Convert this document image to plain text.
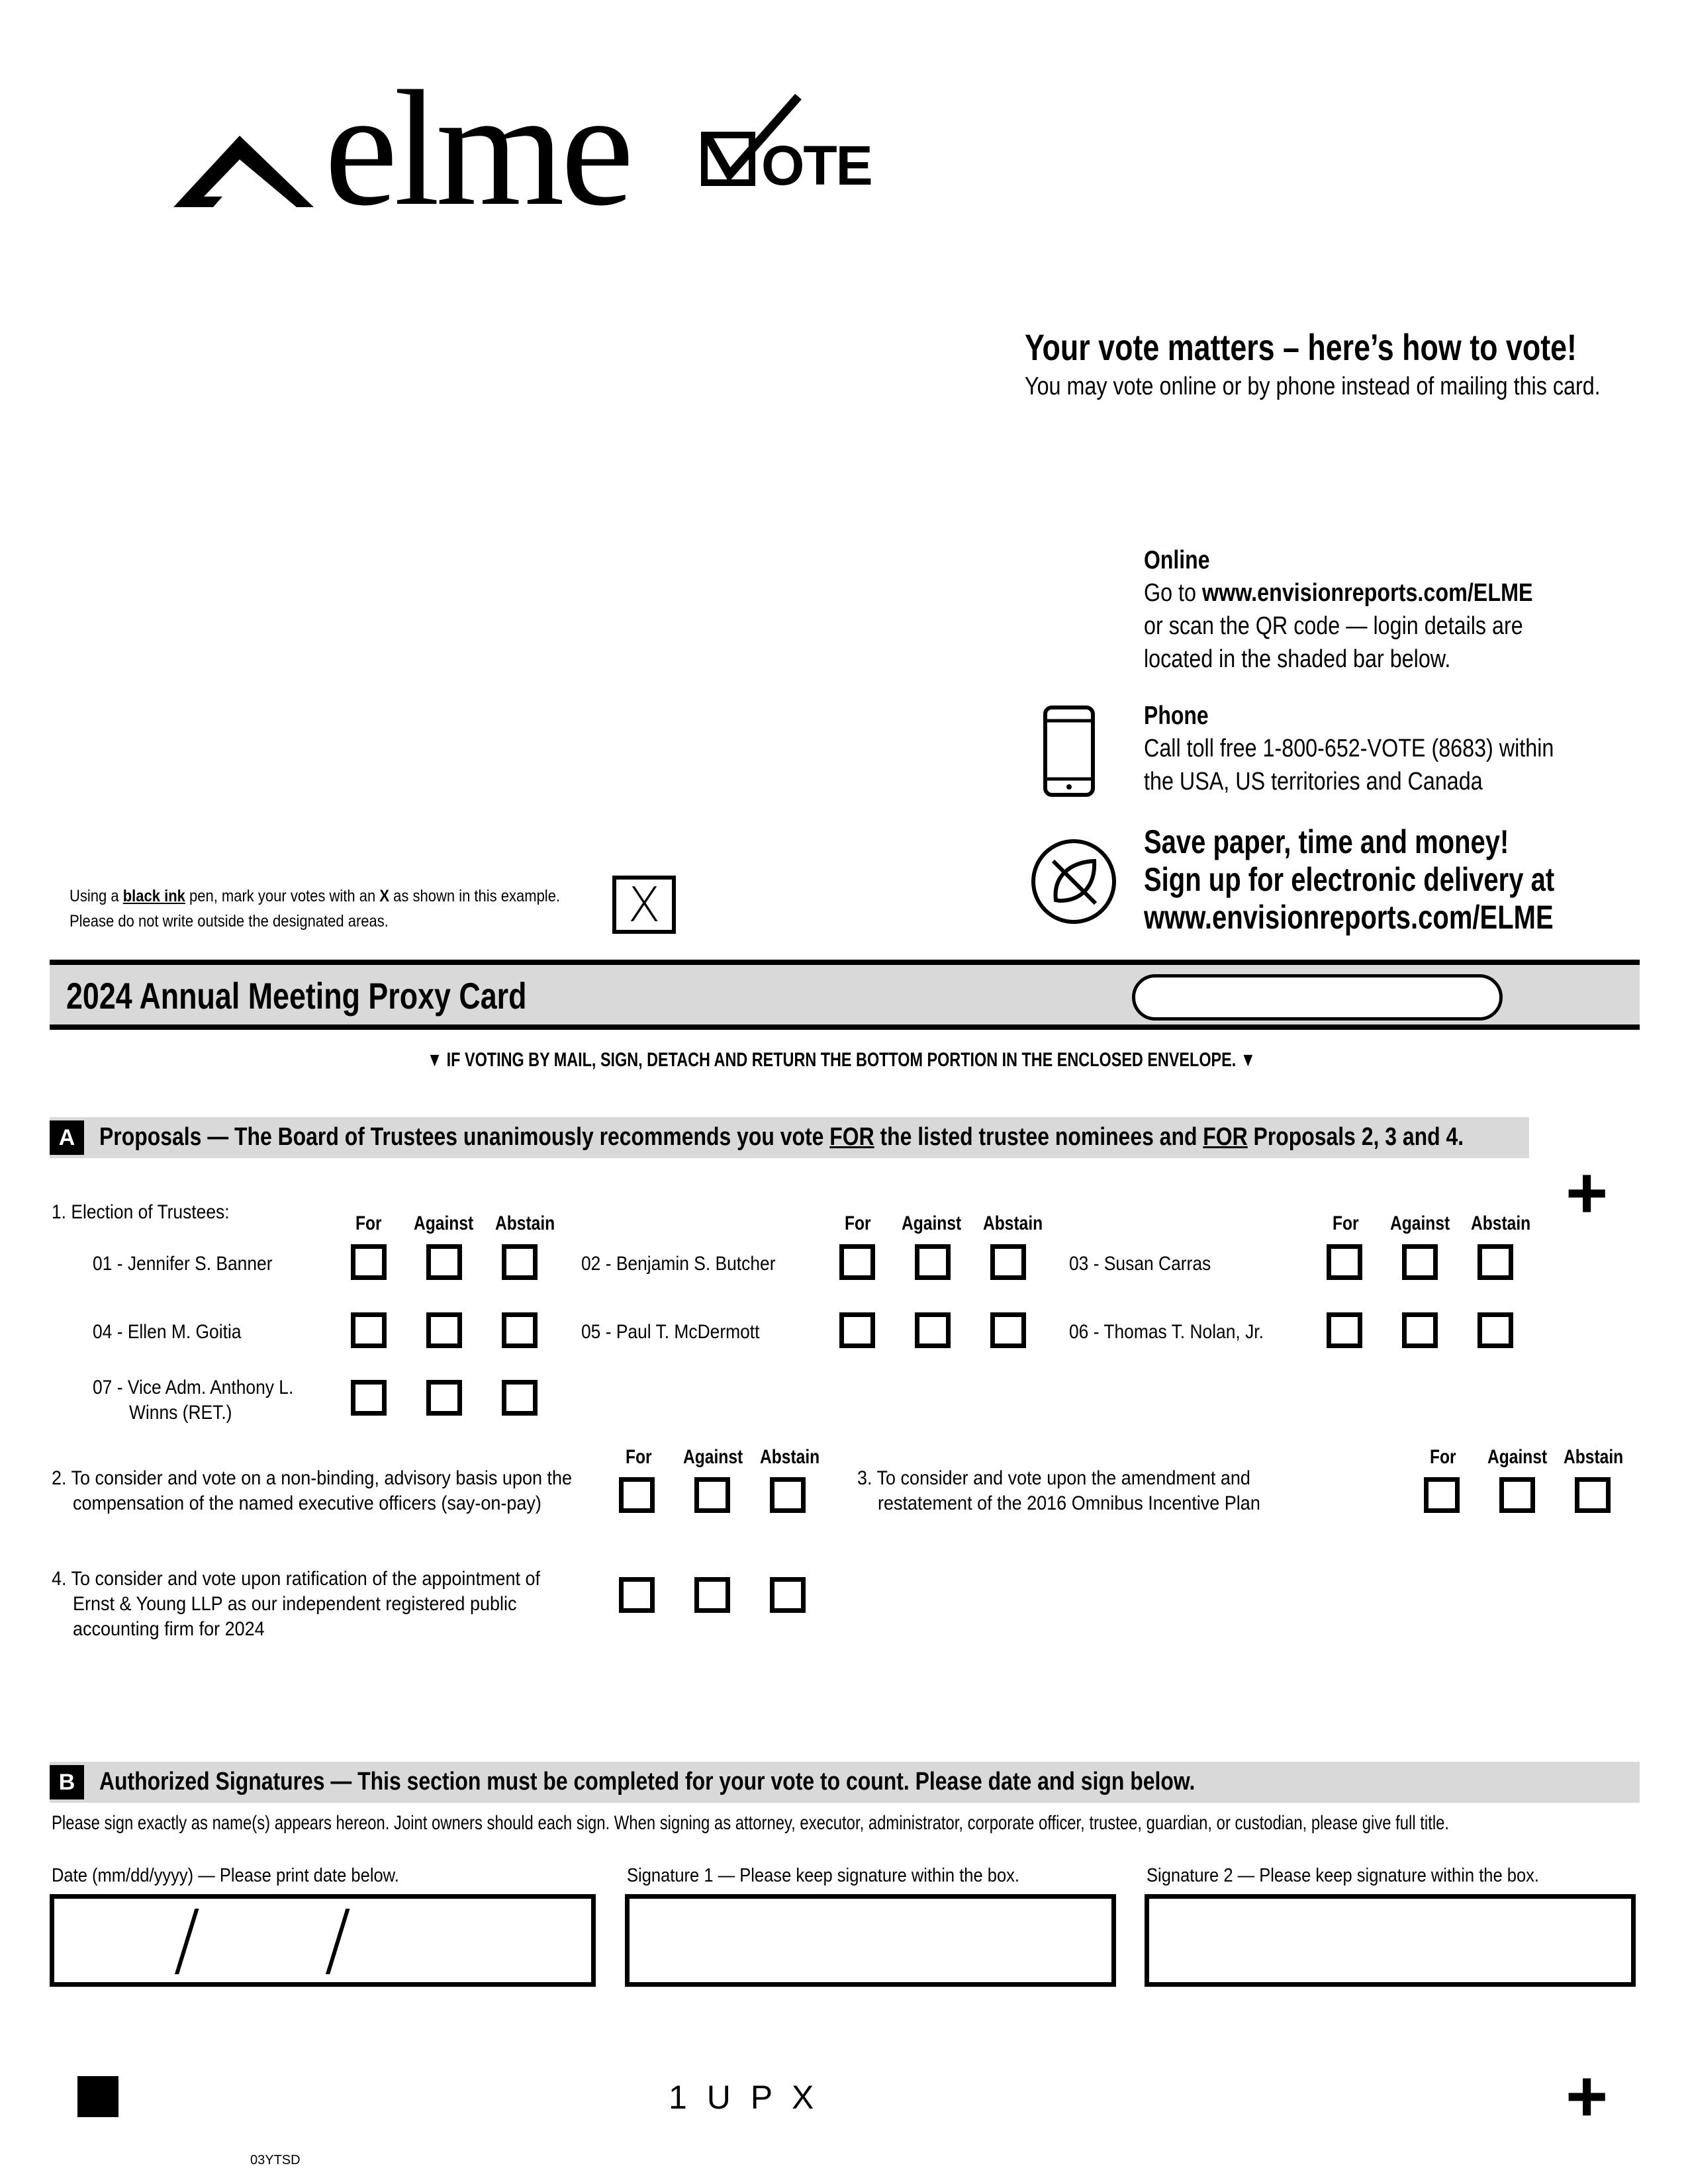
elme OTE
Your vote matters – here’s how to vote!
You may vote online or by phone instead of mailing this card.
Online
Go to www.envisionreports.com/ELME
or scan the QR code — login details are
located in the shaded bar below.
Phone
Call toll free 1-800-652-VOTE (8683) within
the USA, US territories and Canada
Save paper, time and money!
Sign up for electronic delivery at
www.envisionreports.com/ELME
Using a black ink pen, mark your votes with an X as shown in this example.
Please do not write outside the designated areas.	X
2024 Annual Meeting Proxy Card
▼ IF VOTING BY MAIL, SIGN, DETACH AND RETURN THE BOTTOM PORTION IN THE ENCLOSED ENVELOPE. ▼
A Proposals — The Board of Trustees unanimously recommends you vote FOR the listed trustee nominees and FOR Proposals 2, 3 and 4.
+
1. Election of Trustees:
For Against Abstain	For Against Abstain	For Against Abstain
01 - Jennifer S. Banner	02 - Benjamin S. Butcher	03 - Susan Carras
04 - Ellen M. Goitia	05 - Paul T. McDermott	06 - Thomas T. Nolan, Jr.
07 - Vice Adm. Anthony L.
Winns (RET.)
For Against Abstain
2. To consider and vote on a non-binding, advisory basis upon the
compensation of the named executive officers (say-on-pay)
For Against Abstain
3. To consider and vote upon the amendment and
restatement of the 2016 Omnibus Incentive Plan
4. To consider and vote upon ratification of the appointment of
Ernst & Young LLP as our independent registered public
accounting firm for 2024
B Authorized Signatures — This section must be completed for your vote to count. Please date and sign below.
Please sign exactly as name(s) appears hereon. Joint owners should each sign. When signing as attorney, executor, administrator, corporate officer, trustee, guardian, or custodian, please give full title.
Date (mm/dd/yyyy) — Please print date below.	Signature 1 — Please keep signature within the box.	Signature 2 — Please keep signature within the box.
/ /
1 U P X	+
03YTSD
